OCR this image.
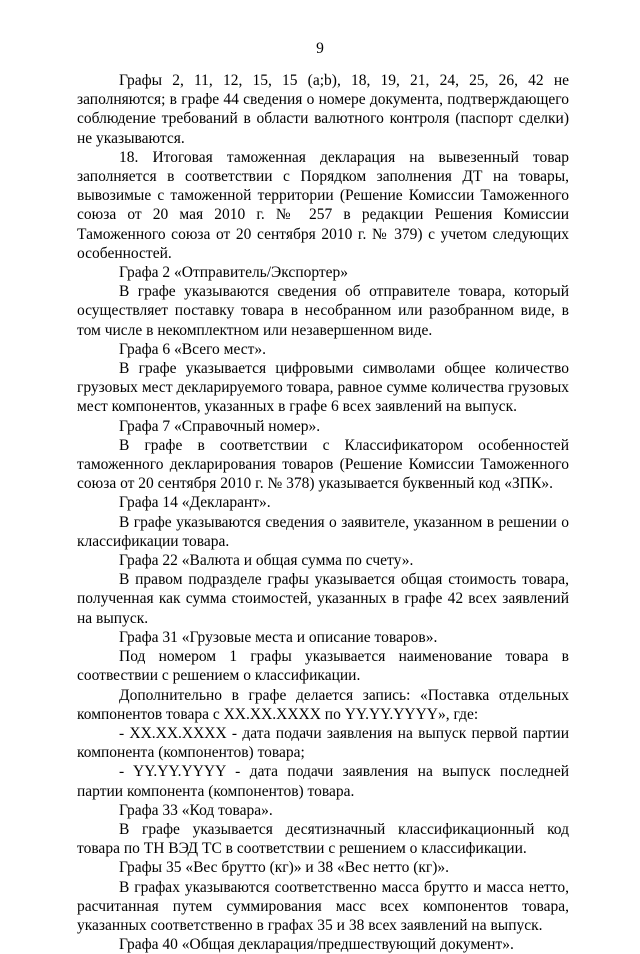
9

Графы 2, 11, 12, 15, 15 (a;b), 18, 19, 21, 24, 25, 26, 42 не заполняются; в графе 44 сведения о номере документа, подтверждающего соблюдение требований в области валютного контроля (паспорт сделки) не указываются.

18. Итоговая таможенная декларация на вывезенный товар заполняется в соответствии с Порядком заполнения ДТ на товары, вывозимые с таможенной территории (Решение Комиссии Таможенного союза от 20 мая 2010 г. № 257 в редакции Решения Комиссии Таможенного союза от 20 сентября 2010 г. № 379) с учетом следующих особенностей.

Графа 2 «Отправитель/Экспортер»

В графе указываются сведения об отправителе товара, который осуществляет поставку товара в несобранном или разобранном виде, в том числе в некомплектном или незавершенном виде.

Графа 6 «Всего мест».

В графе указывается цифровыми символами общее количество грузовых мест декларируемого товара, равное сумме количества грузовых мест компонентов, указанных в графе 6 всех заявлений на выпуск.

Графа 7 «Справочный номер».

В графе в соответствии с Классификатором особенностей таможенного декларирования товаров (Решение Комиссии Таможенного союза от 20 сентября 2010 г. № 378) указывается буквенный код «ЗПК».

Графа 14 «Декларант».

В графе указываются сведения о заявителе, указанном в решении о классификации товара.

Графа 22 «Валюта и общая сумма по счету».

В правом подразделе графы указывается общая стоимость товара, полученная как сумма стоимостей, указанных в графе 42 всех заявлений на выпуск.

Графа 31 «Грузовые места и описание товаров».

Под номером 1 графы указывается наименование товара в соотвествии с решением о классификации.

Дополнительно в графе делается запись: «Поставка отдельных компонентов товара с XX.XX.XXXX по YY.YY.YYYY», где:

- XX.XX.XXXX - дата подачи заявления на выпуск первой партии компонента (компонентов) товара;

- YY.YY.YYYY - дата подачи заявления на выпуск последней партии компонента (компонентов) товара.

Графа 33 «Код товара».

В графе указывается десятизначный классификационный код товара по ТН ВЭД ТС в соответствии с решением о классификации.

Графы 35 «Вес брутто (кг)» и 38 «Вес нетто (кг)».

В графах указываются соответственно масса брутто и масса нетто, расчитанная путем суммирования масс всех компонентов товара, указанных соответственно в графах 35 и 38 всех заявлений на выпуск.

Графа 40 «Общая декларация/предшествующий документ».
